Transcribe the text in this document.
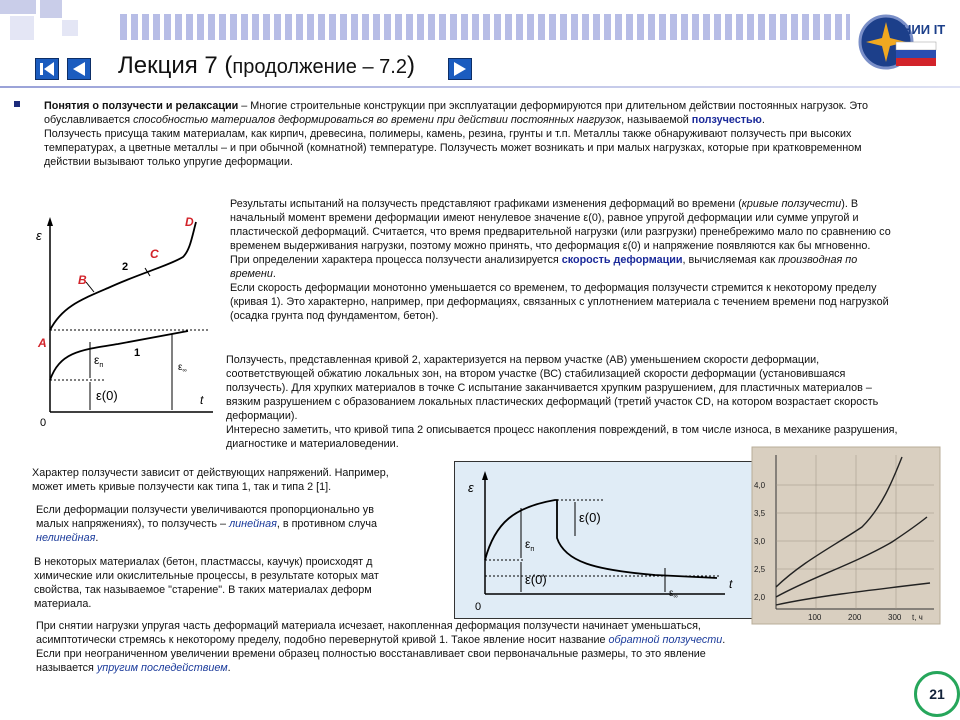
Лекция 7 (продолжение – 7.2)
НИИ IT

Понятия о ползучести и релаксации – Многие строительные конструкции при эксплуатации деформируются при длительном действии постоянных нагрузок. Это обуславливается способностью материалов деформироваться во времени при действии постоянных нагрузок, называемой ползучестью.

Ползучесть присуща таким материалам, как кирпич, древесина, полимеры, камень, резина, грунты и т.п. Металлы также обнаруживают ползучесть при высоких температурах, а цветные металлы – и при обычной (комнатной) температуре. Ползучесть может возникать и при малых нагрузках, которые при кратковременном действии вызывают только упругие деформации.

ε
t
0
A
B
C
D
1
2
$\varepsilon_п$
ε(0)
$\varepsilon_\infty$

Результаты испытаний на ползучесть представляют графиками изменения деформаций во времени (кривые ползучести). В начальный момент времени деформации имеют ненулевое значение ε(0), равное упругой деформации или сумме упругой и пластической деформаций. Считается, что время предварительной нагрузки (или разгрузки) пренебрежимо мало по сравнению со временем выдерживания нагрузки, поэтому можно принять, что деформация ε(0) и напряжение появляются как бы мгновенно.

При определении характера процесса ползучести анализируется скорость деформации, вычисляемая как производная по времени.

Если скорость деформации монотонно уменьшается со временем, то деформация ползучести стремится к некоторому пределу (кривая 1). Это характерно, например, при деформациях, связанных с уплотнением материала с течением времени под нагрузкой (осадка грунта под фундаментом, бетон).

Ползучесть, представленная кривой 2, характеризуется на первом участке (АВ) уменьшением скорости деформации, соответствующей обжатию локальных зон, на втором участке (ВС) стабилизацией скорости деформации (установившаяся ползучесть). Для хрупких материалов в точке С испытание заканчивается хрупким разрушением, для пластичных материалов – вязким разрушением с образованием локальных пластических деформаций (третий участок CD, на котором возрастает скорость деформации).

Интересно заметить, что кривой типа 2 описывается процесс накопления повреждений, в том числе износа, в механике разрушения, диагностике и материаловедении.

Характер ползучести зависит от действующих напряжений. Например,
может иметь кривые ползучести как типа 1, так и типа 2 [1].

Если деформации ползучести увеличиваются пропорционально ув
малых напряжениях), то ползучесть – линейная, в противном случа
нелинейная.

В некоторых материалах (бетон, пластмассы, каучук) происходят д
химические или окислительные процессы, в результате которых мат
свойства, так называемое "старение". В таких материалах деформ
материала.

При снятии нагрузки упругая часть деформаций материала исчезает, накопленная деформация ползучести начинает уменьшаться, асимптотически стремясь к некоторому пределу, подобно перевернутой кривой 1. Такое явление носит название обратной ползучести. Если при неограниченном увеличении времени образец полностью восстанавливает свои первоначальные размеры, то это явление называется упругим последействием.

ε
t
0
ε(0)
$\varepsilon_п$
ε(0)
$\varepsilon_\infty$
4,0
3,5
3,0
2,5
2,0
100	200	300 t, ч
21
